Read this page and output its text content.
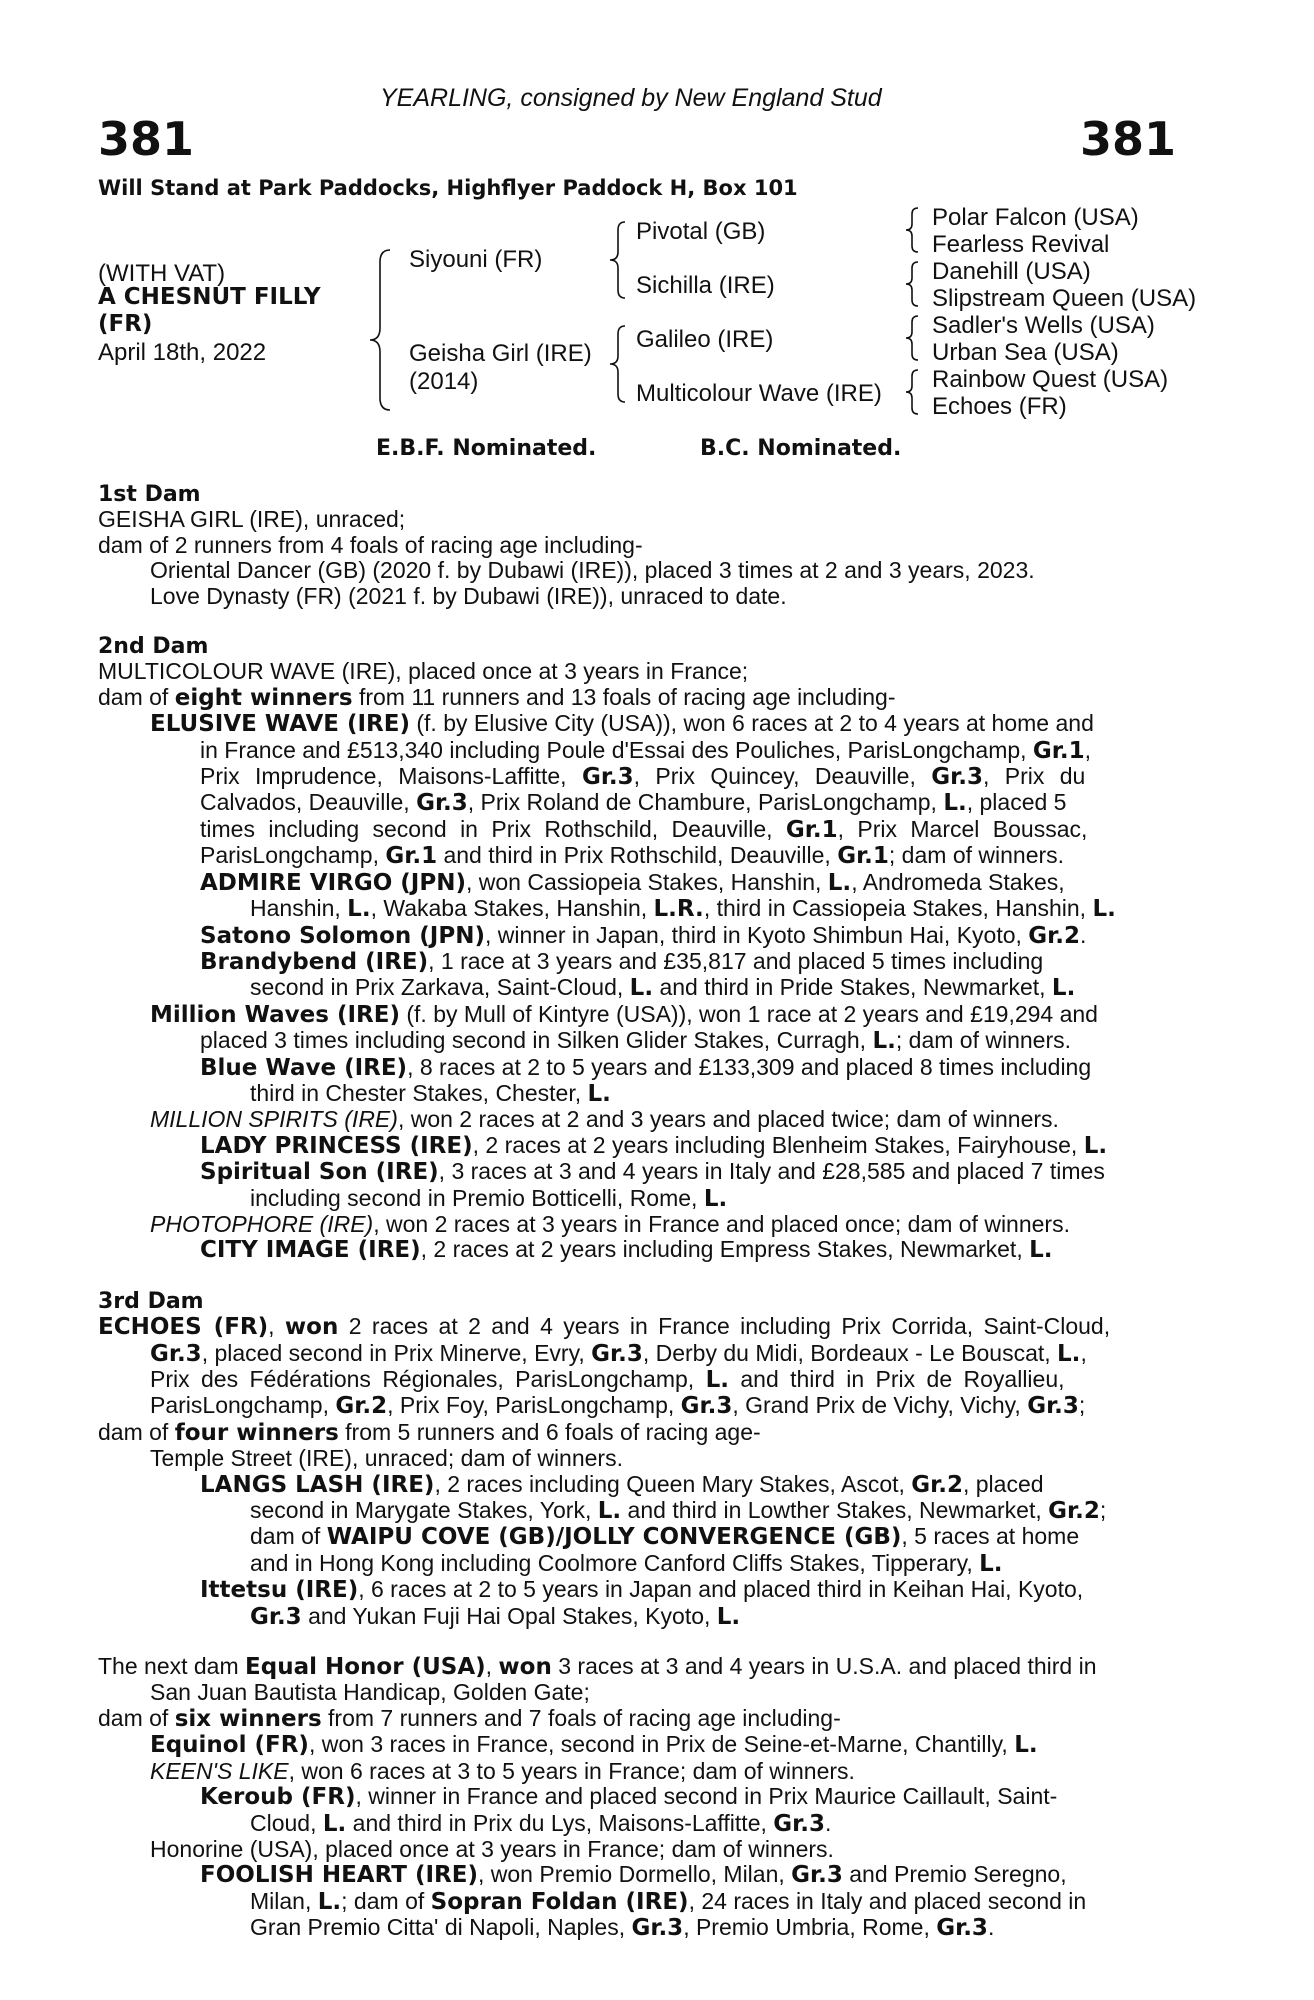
YEARLING, consigned by New England Stud
381	381
Will Stand at Park Paddocks, Highflyer Paddock H, Box 101
(WITH VAT)
A CHESNUT FILLY
(FR)
April 18th, 2022
Siyouni (FR)
Geisha Girl (IRE)
(2014)
Pivotal (GB)
Sichilla (IRE)
Galileo (IRE)
Multicolour Wave (IRE)
Polar Falcon (USA)
Fearless Revival
Danehill (USA)
Slipstream Queen (USA)
Sadler's Wells (USA)
Urban Sea (USA)
Rainbow Quest (USA)
Echoes (FR)
E.B.F. Nominated.	B.C. Nominated.
1st Dam
GEISHA GIRL (IRE), unraced;
dam of 2 runners from 4 foals of racing age including-
Oriental Dancer (GB) (2020 f. by Dubawi (IRE)), placed 3 times at 2 and 3 years, 2023.
Love Dynasty (FR) (2021 f. by Dubawi (IRE)), unraced to date.
2nd Dam
MULTICOLOUR WAVE (IRE), placed once at 3 years in France;
dam of eight winners from 11 runners and 13 foals of racing age including-
ELUSIVE WAVE (IRE) (f. by Elusive City (USA)), won 6 races at 2 to 4 years at home and
in France and £513,340 including Poule d'Essai des Pouliches, ParisLongchamp, Gr.1,
Prix Imprudence, Maisons-Laffitte, Gr.3, Prix Quincey, Deauville, Gr.3, Prix du
Calvados, Deauville, Gr.3, Prix Roland de Chambure, ParisLongchamp, L., placed 5
times including second in Prix Rothschild, Deauville, Gr.1, Prix Marcel Boussac,
ParisLongchamp, Gr.1 and third in Prix Rothschild, Deauville, Gr.1; dam of winners.
ADMIRE VIRGO (JPN), won Cassiopeia Stakes, Hanshin, L., Andromeda Stakes,
Hanshin, L., Wakaba Stakes, Hanshin, L.R., third in Cassiopeia Stakes, Hanshin, L.
Satono Solomon (JPN), winner in Japan, third in Kyoto Shimbun Hai, Kyoto, Gr.2.
Brandybend (IRE), 1 race at 3 years and £35,817 and placed 5 times including
second in Prix Zarkava, Saint-Cloud, L. and third in Pride Stakes, Newmarket, L.
Million Waves (IRE) (f. by Mull of Kintyre (USA)), won 1 race at 2 years and £19,294 and
placed 3 times including second in Silken Glider Stakes, Curragh, L.; dam of winners.
Blue Wave (IRE), 8 races at 2 to 5 years and £133,309 and placed 8 times including
third in Chester Stakes, Chester, L.
MILLION SPIRITS (IRE), won 2 races at 2 and 3 years and placed twice; dam of winners.
LADY PRINCESS (IRE), 2 races at 2 years including Blenheim Stakes, Fairyhouse, L.
Spiritual Son (IRE), 3 races at 3 and 4 years in Italy and £28,585 and placed 7 times
including second in Premio Botticelli, Rome, L.
PHOTOPHORE (IRE), won 2 races at 3 years in France and placed once; dam of winners.
CITY IMAGE (IRE), 2 races at 2 years including Empress Stakes, Newmarket, L.
3rd Dam
ECHOES (FR), won 2 races at 2 and 4 years in France including Prix Corrida, Saint-Cloud,
Gr.3, placed second in Prix Minerve, Evry, Gr.3, Derby du Midi, Bordeaux - Le Bouscat, L.,
Prix des Fédérations Régionales, ParisLongchamp, L. and third in Prix de Royallieu,
ParisLongchamp, Gr.2, Prix Foy, ParisLongchamp, Gr.3, Grand Prix de Vichy, Vichy, Gr.3;
dam of four winners from 5 runners and 6 foals of racing age-
Temple Street (IRE), unraced; dam of winners.
LANGS LASH (IRE), 2 races including Queen Mary Stakes, Ascot, Gr.2, placed
second in Marygate Stakes, York, L. and third in Lowther Stakes, Newmarket, Gr.2;
dam of WAIPU COVE (GB)/JOLLY CONVERGENCE (GB), 5 races at home
and in Hong Kong including Coolmore Canford Cliffs Stakes, Tipperary, L.
Ittetsu (IRE), 6 races at 2 to 5 years in Japan and placed third in Keihan Hai, Kyoto,
Gr.3 and Yukan Fuji Hai Opal Stakes, Kyoto, L.
The next dam Equal Honor (USA), won 3 races at 3 and 4 years in U.S.A. and placed third in
San Juan Bautista Handicap, Golden Gate;
dam of six winners from 7 runners and 7 foals of racing age including-
Equinol (FR), won 3 races in France, second in Prix de Seine-et-Marne, Chantilly, L.
KEEN'S LIKE, won 6 races at 3 to 5 years in France; dam of winners.
Keroub (FR), winner in France and placed second in Prix Maurice Caillault, Saint-
Cloud, L. and third in Prix du Lys, Maisons-Laffitte, Gr.3.
Honorine (USA), placed once at 3 years in France; dam of winners.
FOOLISH HEART (IRE), won Premio Dormello, Milan, Gr.3 and Premio Seregno,
Milan, L.; dam of Sopran Foldan (IRE), 24 races in Italy and placed second in
Gran Premio Citta' di Napoli, Naples, Gr.3, Premio Umbria, Rome, Gr.3.
